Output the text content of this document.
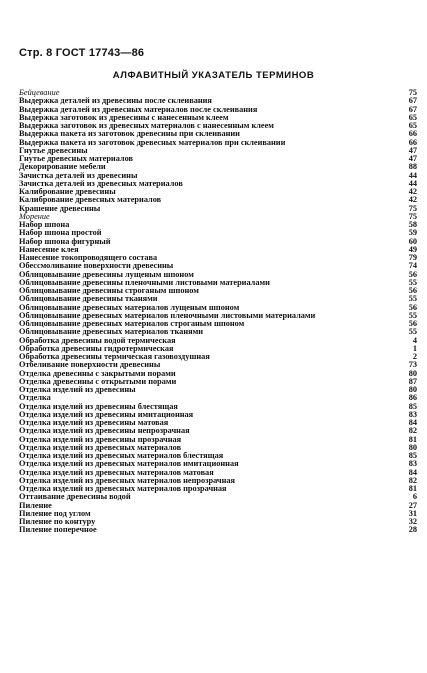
Стр. 8 ГОСТ 17743—86
АЛФАВИТНЫЙ УКАЗАТЕЛЬ ТЕРМИНОВ
Бейцевание	75
Выдержка деталей из древесины после склеивания	67
Выдержка деталей из древесных материалов после склеивания	67
Выдержка заготовок из древесины с нанесенным клеем	65
Выдержка заготовок из древесных материалов с нанесенным клеем	65
Выдержка пакета из заготовок древесины при склеивании	66
Выдержка пакета из заготовок древесных материалов при склеивании	66
Гнутье древесины	47
Гнутье древесных материалов	47
Декорирование мебели	88
Зачистка деталей из древесины	44
Зачистка деталей из древесных материалов	44
Калибрование древесины	42
Калибрование древесных материалов	42
Крашение древесины	75
Морение	75
Набор шпона	58
Набор шпона простой	59
Набор шпона фигурный	60
Нанесение клея	49
Нанесение токопроводящего состава	79
Обессмоливание поверхности древесины	74
Облицовывание древесины лущеным шпоном	56
Облицовывание древесины пленочными листовыми материалами	55
Облицовывание древесины строганым шпоном	56
Облицовывание древесины тканями	55
Облицовывание древесных материалов лущеным шпоном	56
Облицовывание древесных материалов пленочными листовыми материалами	55
Облицовывание древесных материалов строганым шпоном	56
Облицовывание древесных материалов тканями	55
Обработка древесины водой термическая	4
Обработка древесины гидротермическая	1
Обработка древесины термическая газовоздушная	2
Отбеливание поверхности древесины	73
Отделка древесины с закрытыми порами	80
Отделка древесины с открытыми порами	87
Отделка изделий из древесины	80
Отделка	86
Отделка изделий из древесины блестящая	85
Отделка изделий из древесины имитационная	83
Отделка изделий из древесины матовая	84
Отделка изделий из древесины непрозрачная	82
Отделка изделий из древесины прозрачная	81
Отделка изделий из древесных материалов	80
Отделка изделий из древесных материалов блестящая	85
Отделка изделий из древесных материалов имитационная	83
Отделка изделий из древесных материалов матовая	84
Отделка изделий из древесных материалов непрозрачная	82
Отделка изделий из древесных материалов прозрачная	81
Оттаивание древесины водой	6
Пиление	27
Пиление под углом	31
Пиление по контуру	32
Пиление поперечное	28
